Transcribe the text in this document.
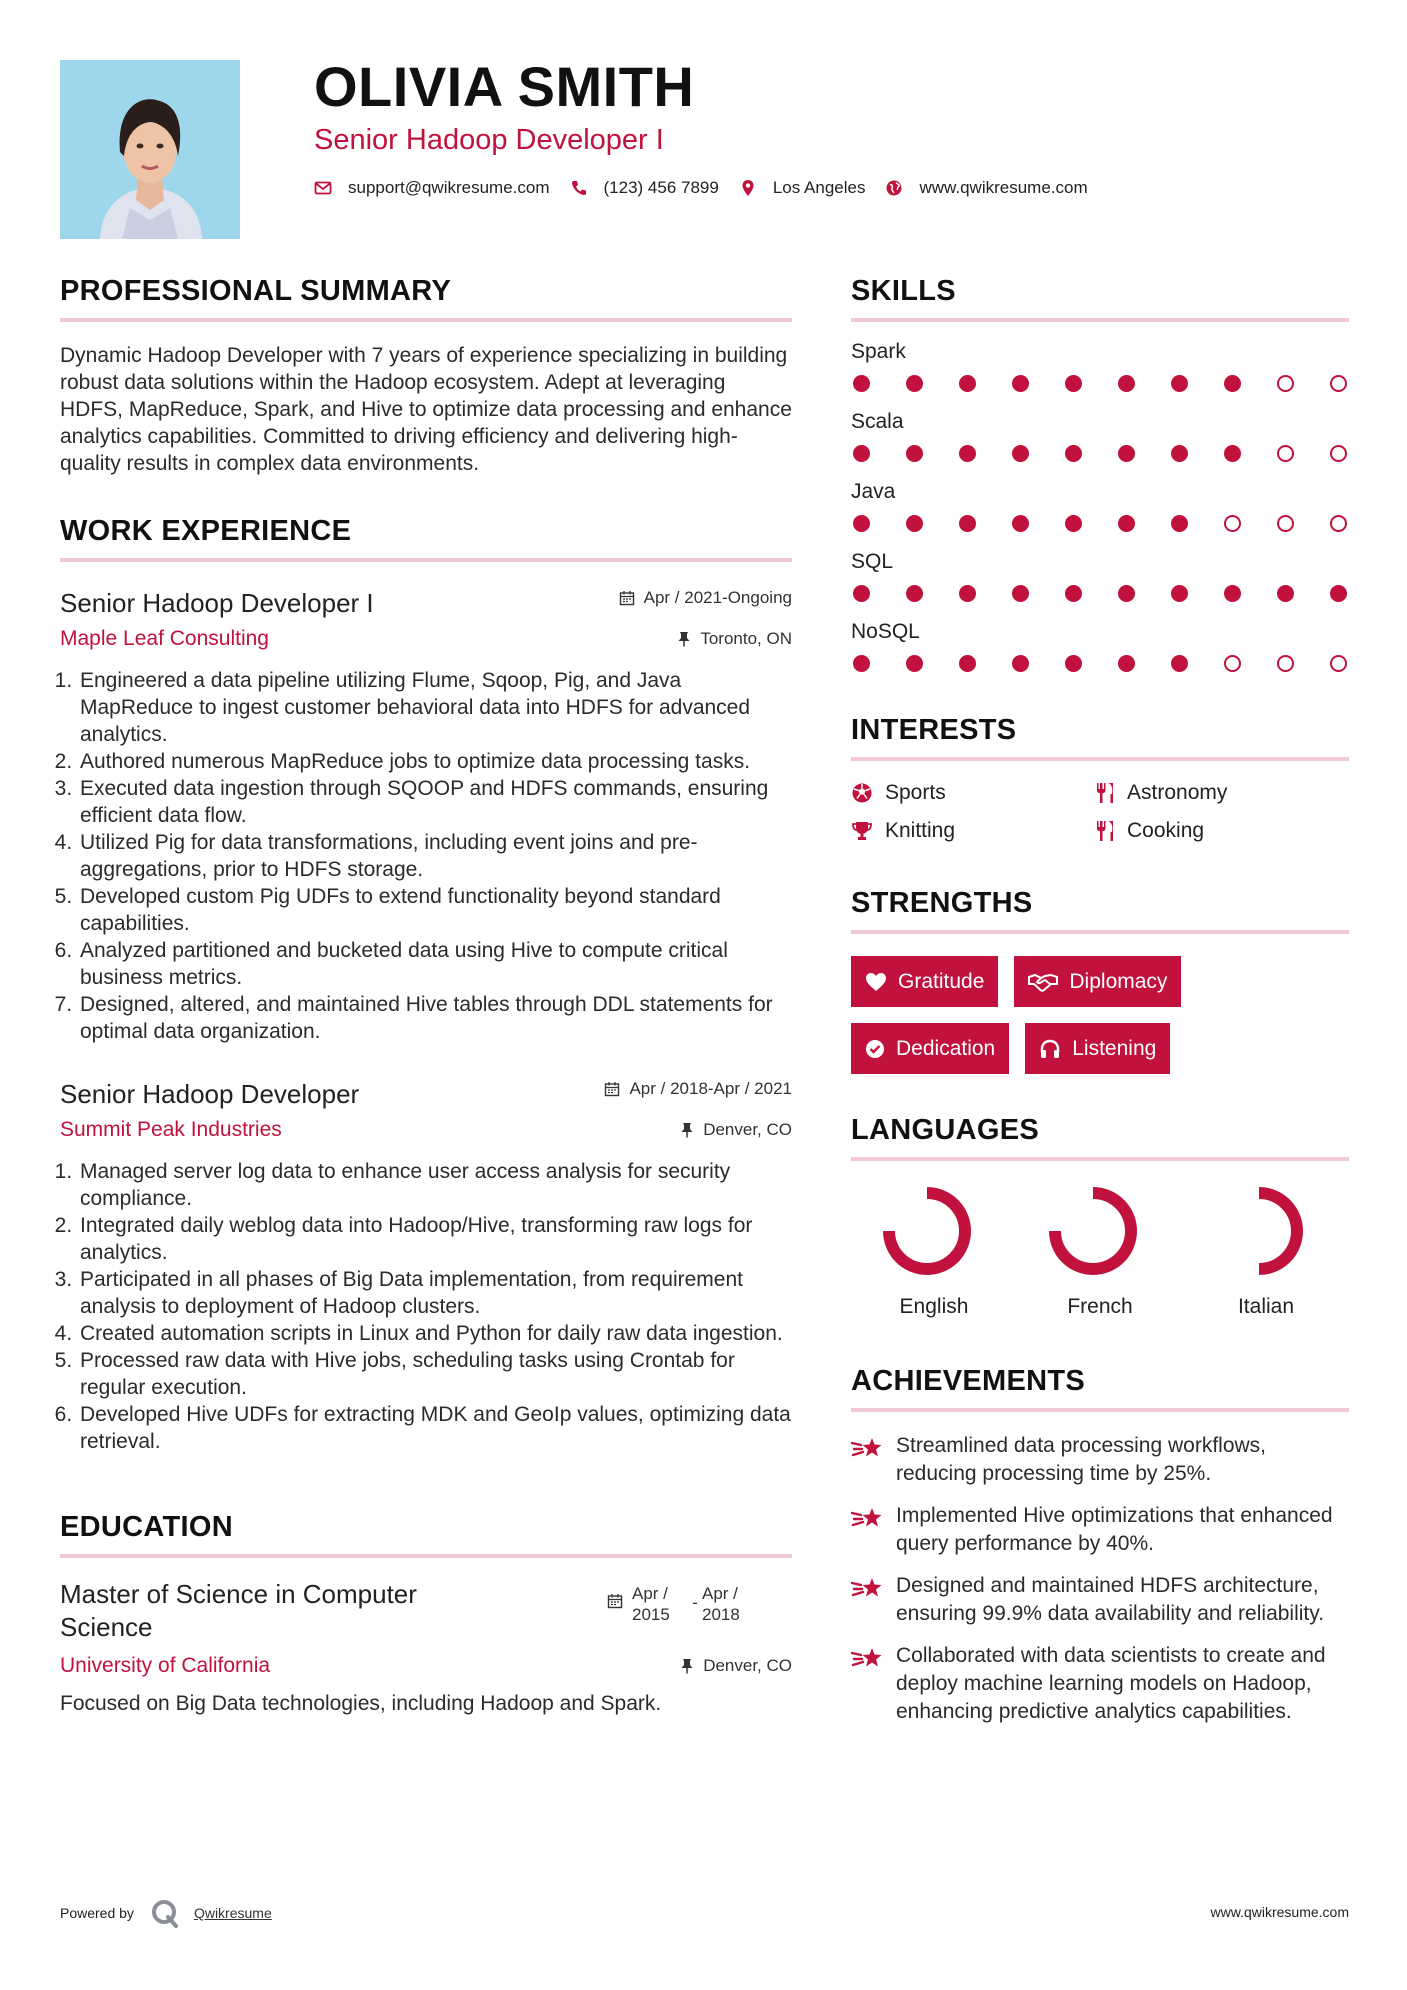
OLIVIA SMITH
Senior Hadoop Developer I
support@qwikresume.com	(123) 456 7899	Los Angeles	www.qwikresume.com
PROFESSIONAL SUMMARY

Dynamic Hadoop Developer with 7 years of experience specializing in building robust data solutions within the Hadoop ecosystem. Adept at leveraging HDFS, MapReduce, Spark, and Hive to optimize data processing and enhance analytics capabilities. Committed to driving efficiency and delivering high-quality results in complex data environments.

WORK EXPERIENCE
Senior Hadoop Developer I	Apr / 2021-Ongoing
Maple Leaf Consulting	Toronto, ON
1. Engineered a data pipeline utilizing Flume, Sqoop, Pig, and Java MapReduce to ingest customer behavioral data into HDFS for advanced analytics.
2. Authored numerous MapReduce jobs to optimize data processing tasks.
3. Executed data ingestion through SQOOP and HDFS commands, ensuring efficient data flow.
4. Utilized Pig for data transformations, including event joins and pre-aggregations, prior to HDFS storage.
5. Developed custom Pig UDFs to extend functionality beyond standard capabilities.
6. Analyzed partitioned and bucketed data using Hive to compute critical business metrics.
7. Designed, altered, and maintained Hive tables through DDL statements for optimal data organization.
Senior Hadoop Developer	Apr / 2018-Apr / 2021
Summit Peak Industries	Denver, CO
1. Managed server log data to enhance user access analysis for security compliance.
2. Integrated daily weblog data into Hadoop/Hive, transforming raw logs for analytics.
3. Participated in all phases of Big Data implementation, from requirement analysis to deployment of Hadoop clusters.
4. Created automation scripts in Linux and Python for daily raw data ingestion.
5. Processed raw data with Hive jobs, scheduling tasks using Crontab for regular execution.
6. Developed Hive UDFs for extracting MDK and GeoIp values, optimizing data retrieval.
EDUCATION
Master of Science in Computer Science
Apr / 2015
- Apr / 2018
University of California	Denver, CO
Focused on Big Data technologies, including Hadoop and Spark.
SKILLS
Spark
Scala
Java
SQL
NoSQL
INTERESTS
Sports	Astronomy
Knitting	Cooking
STRENGTHS
Gratitude	Diplomacy
Dedication	Listening
LANGUAGES
English	French	Italian
ACHIEVEMENTS
Streamlined data processing workflows, reducing processing time by 25%.
Implemented Hive optimizations that enhanced query performance by 40%.
Designed and maintained HDFS architecture, ensuring 99.9% data availability and reliability.
Collaborated with data scientists to create and deploy machine learning models on Hadoop, enhancing predictive analytics capabilities.
Powered by	Qwikresume	www.qwikresume.com
